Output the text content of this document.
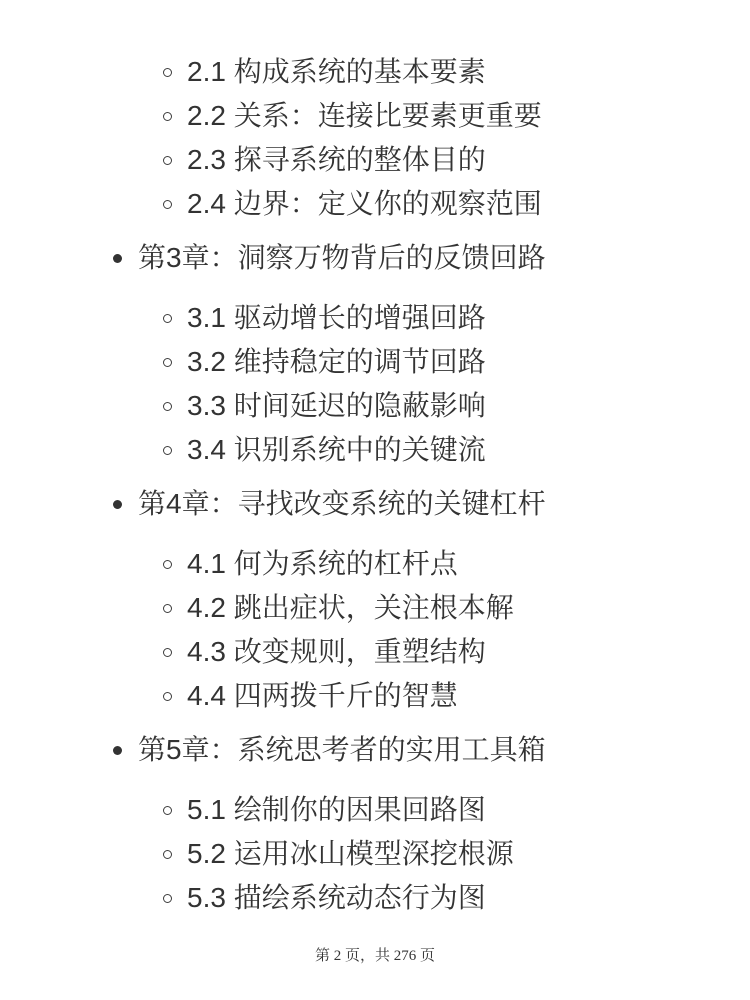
2.1 构成系统的基本要素
2.2 关系：连接比要素更重要
2.3 探寻系统的整体目的
2.4 边界：定义你的观察范围
第3章：洞察万物背后的反馈回路
3.1 驱动增长的增强回路
3.2 维持稳定的调节回路
3.3 时间延迟的隐蔽影响
3.4 识别系统中的关键流
第4章：寻找改变系统的关键杠杆
4.1 何为系统的杠杆点
4.2 跳出症状，关注根本解
4.3 改变规则，重塑结构
4.4 四两拨千斤的智慧
第5章：系统思考者的实用工具箱
5.1 绘制你的因果回路图
5.2 运用冰山模型深挖根源
5.3 描绘系统动态行为图
第 2 页，共 276 页
